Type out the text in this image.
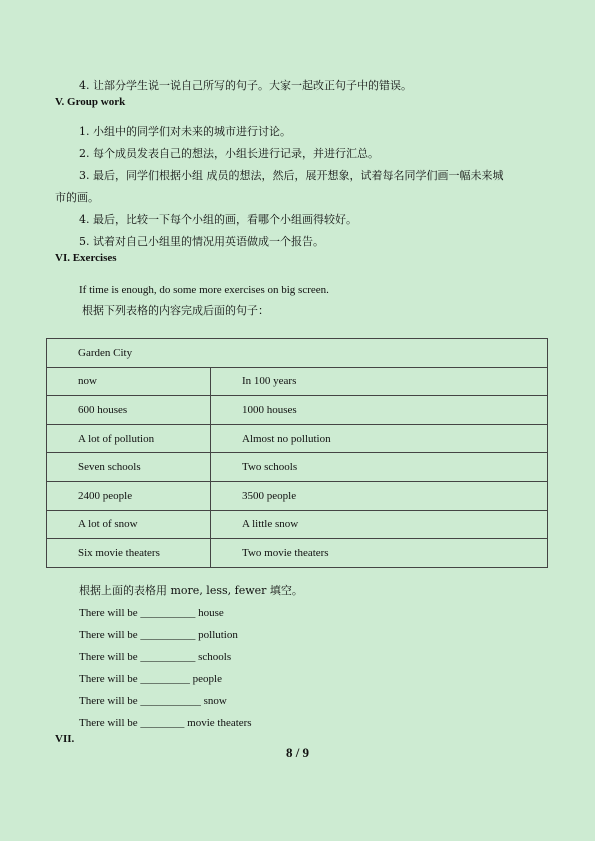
4. 让部分学生说一说自己所写的句子。大家一起改正句子中的错误。
V. Group work
1. 小组中的同学们对未来的城市进行讨论。
2. 每个成员发表自己的想法，小组长进行记录，并进行汇总。
3. 最后，同学们根据小组 成员的想法，然后，展开想象，试着每名同学们画一幅未来城
市的画。
4. 最后，比较一下每个小组的画，看哪个小组画得较好。
5. 试着对自己小组里的情况用英语做成一个报告。
VI. Exercises
If time is enough, do some more exercises on big screen.
根据下列表格的内容完成后面的句子：
Garden City	
now	In 100 years
600 houses	1000 houses
A lot of pollution	Almost no pollution
Seven schools	Two schools
2400 people	3500 people
A lot of snow	A little snow
Six movie theaters	Two movie theaters
根据上面的表格用 more, less, fewer 填空。
There will be __________ house
There will be __________ pollution
There will be __________ schools
There will be _________ people
There will be ___________ snow
There will be ________ movie theaters
VII.
8 / 9
